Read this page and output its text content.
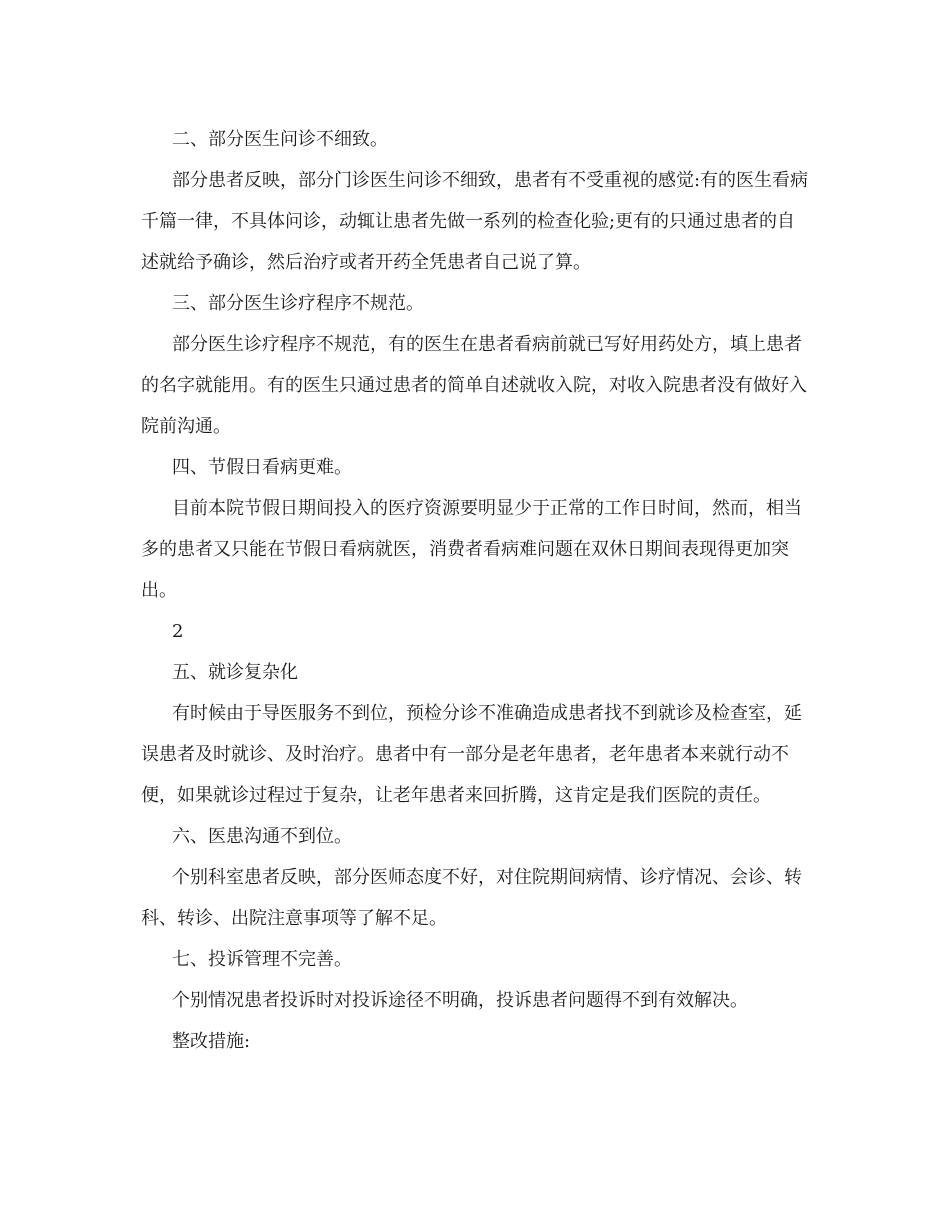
二、部分医生问诊不细致。

部分患者反映，部分门诊医生问诊不细致，患者有不受重视的感觉:有的医生看病千篇一律，不具体问诊，动辄让患者先做一系列的检查化验;更有的只通过患者的自述就给予确诊，然后治疗或者开药全凭患者自己说了算。

三、部分医生诊疗程序不规范。

部分医生诊疗程序不规范，有的医生在患者看病前就已写好用药处方，填上患者的名字就能用。有的医生只通过患者的简单自述就收入院，对收入院患者没有做好入院前沟通。

四、节假日看病更难。

目前本院节假日期间投入的医疗资源要明显少于正常的工作日时间，然而，相当多的患者又只能在节假日看病就医，消费者看病难问题在双休日期间表现得更加突出。

2

五、就诊复杂化

有时候由于导医服务不到位，预检分诊不准确造成患者找不到就诊及检查室，延误患者及时就诊、及时治疗。患者中有一部分是老年患者，老年患者本来就行动不便，如果就诊过程过于复杂，让老年患者来回折腾，这肯定是我们医院的责任。

六、医患沟通不到位。

个别科室患者反映，部分医师态度不好，对住院期间病情、诊疗情况、会诊、转科、转诊、出院注意事项等了解不足。

七、投诉管理不完善。

个别情况患者投诉时对投诉途径不明确，投诉患者问题得不到有效解决。

整改措施:
